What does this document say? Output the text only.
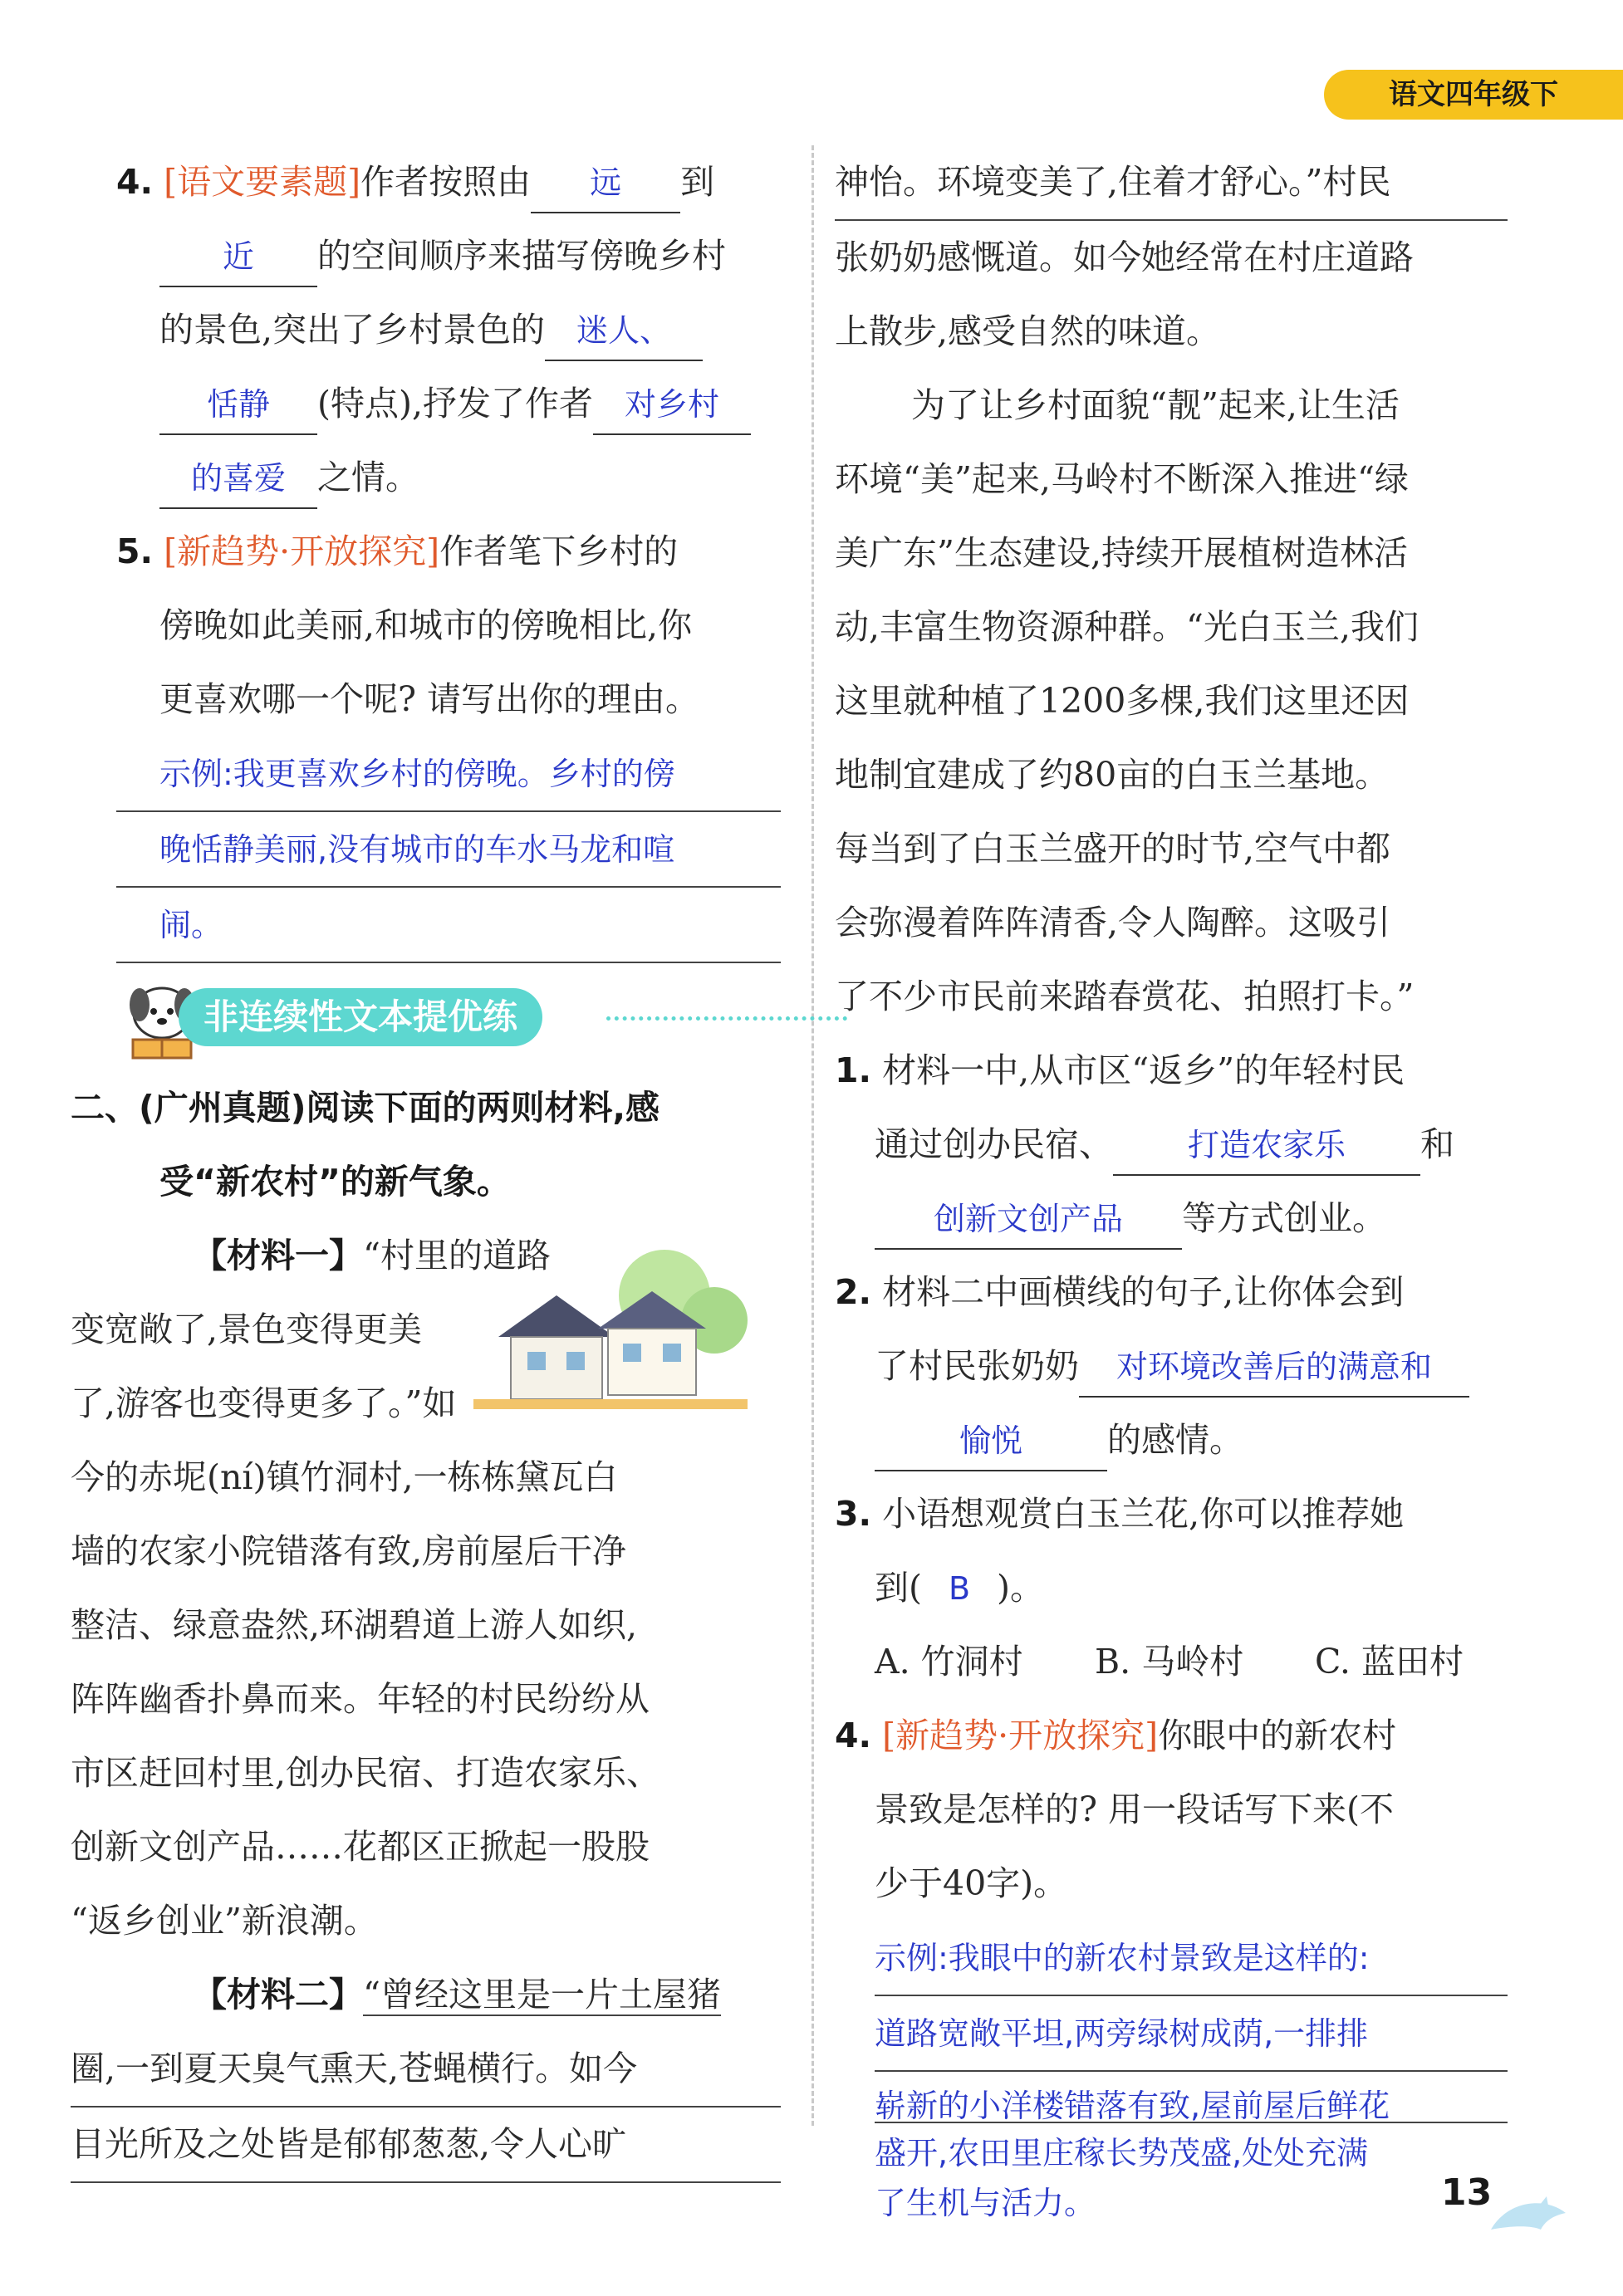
语文四年级下
4. [语文要素题]作者按照由 远 到
近 的空间顺序来描写傍晚乡村
的景色,突出了乡村景色的 迷人、
恬静 (特点),抒发了作者 对乡村
的喜爱 之情。
5. [新趋势·开放探究]作者笔下乡村的
傍晚如此美丽,和城市的傍晚相比,你
更喜欢哪一个呢? 请写出你的理由。
示例:我更喜欢乡村的傍晚。乡村的傍
晚恬静美丽,没有城市的车水马龙和喧
闹。
非连续性文本提优练
二、(广州真题)阅读下面的两则材料,感
受“新农村”的新气象。
【材料一】“村里的道路
变宽敞了,景色变得更美
了,游客也变得更多了。”如
今的赤坭(ní)镇竹洞村,一栋栋黛瓦白
墙的农家小院错落有致,房前屋后干净
整洁、绿意盎然,环湖碧道上游人如织,
阵阵幽香扑鼻而来。年轻的村民纷纷从
市区赶回村里,创办民宿、打造农家乐、
创新文创产品……花都区正掀起一股股
“返乡创业”新浪潮。
【材料二】“曾经这里是一片土屋猪
圈,一到夏天臭气熏天,苍蝇横行。如今
目光所及之处皆是郁郁葱葱,令人心旷
神怡。环境变美了,住着才舒心。”村民
张奶奶感慨道。如今她经常在村庄道路
上散步,感受自然的味道。
为了让乡村面貌“靓”起来,让生活
环境“美”起来,马岭村不断深入推进“绿
美广东”生态建设,持续开展植树造林活
动,丰富生物资源种群。“光白玉兰,我们
这里就种植了1200多棵,我们这里还因
地制宜建成了约80亩的白玉兰基地。
每当到了白玉兰盛开的时节,空气中都
会弥漫着阵阵清香,令人陶醉。这吸引
了不少市民前来踏春赏花、拍照打卡。”
1. 材料一中,从市区“返乡”的年轻村民
通过创办民宿、 打造农家乐 和
创新文创产品 等方式创业。
2. 材料二中画横线的句子,让你体会到
了村民张奶奶 对环境改善后的满意和
愉悦 的感情。
3. 小语想观赏白玉兰花,你可以推荐她
到( B )。
A. 竹洞村 B. 马岭村 C. 蓝田村
4. [新趋势·开放探究]你眼中的新农村
景致是怎样的? 用一段话写下来(不
少于40字)。
示例:我眼中的新农村景致是这样的:
道路宽敞平坦,两旁绿树成荫,一排排
崭新的小洋楼错落有致,屋前屋后鲜花
盛开,农田里庄稼长势茂盛,处处充满
了生机与活力。	13
